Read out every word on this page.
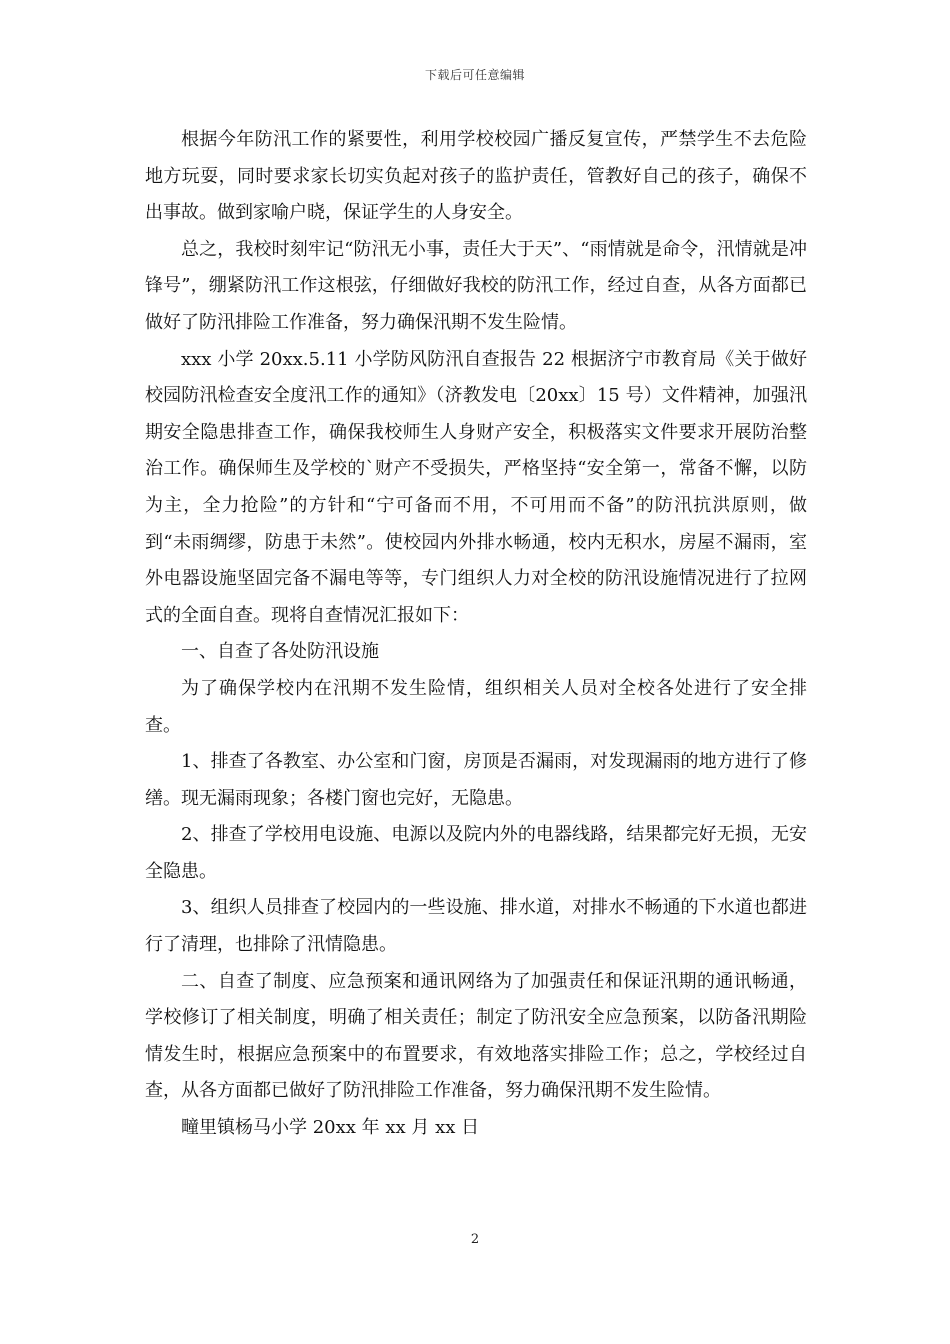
下载后可任意编辑

根据今年防汛工作的紧要性，利用学校校园广播反复宣传，严禁学生不去危险地方玩耍，同时要求家长切实负起对孩子的监护责任，管教好自己的孩子，确保不出事故。做到家喻户晓，保证学生的人身安全。

总之，我校时刻牢记“防汛无小事，责任大于天”、“雨情就是命令，汛情就是冲锋号”，绷紧防汛工作这根弦，仔细做好我校的防汛工作，经过自查，从各方面都已做好了防汛排险工作准备，努力确保汛期不发生险情。

xxx 小学 20xx.5.11 小学防风防汛自查报告 22 根据济宁市教育局《关于做好校园防汛检查安全度汛工作的通知》（济教发电〔20xx〕15 号）文件精神，加强汛期安全隐患排查工作，确保我校师生人身财产安全，积极落实文件要求开展防治整治工作。确保师生及学校的`财产不受损失，严格坚持“安全第一，常备不懈，以防为主，全力抢险”的方针和“宁可备而不用，不可用而不备”的防汛抗洪原则，做到“未雨绸缪，防患于未然”。使校园内外排水畅通，校内无积水，房屋不漏雨，室外电器设施坚固完备不漏电等等，专门组织人力对全校的防汛设施情况进行了拉网式的全面自查。现将自查情况汇报如下：

一、自查了各处防汛设施

为了确保学校内在汛期不发生险情，组织相关人员对全校各处进行了安全排查。

1、排查了各教室、办公室和门窗，房顶是否漏雨，对发现漏雨的地方进行了修缮。现无漏雨现象；各楼门窗也完好，无隐患。

2、排查了学校用电设施、电源以及院内外的电器线路，结果都完好无损，无安全隐患。

3、组织人员排查了校园内的一些设施、排水道，对排水不畅通的下水道也都进行了清理，也排除了汛情隐患。

二、自查了制度、应急预案和通讯网络为了加强责任和保证汛期的通讯畅通，学校修订了相关制度，明确了相关责任；制定了防汛安全应急预案，以防备汛期险情发生时，根据应急预案中的布置要求，有效地落实排险工作；总之，学校经过自查，从各方面都已做好了防汛排险工作准备，努力确保汛期不发生险情。

疃里镇杨马小学 20xx 年 xx 月 xx 日

2
